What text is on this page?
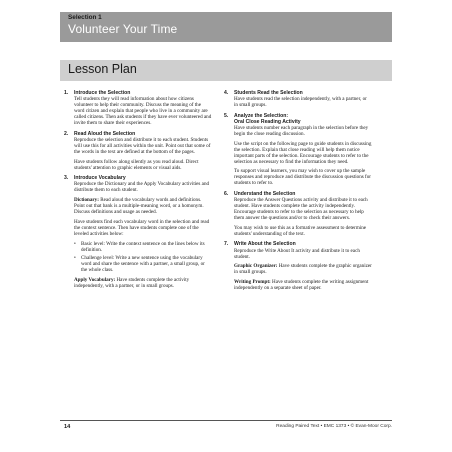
Selection 1
Volunteer Your Time
Lesson Plan
1.	Introduce the Selection

Tell students they will read information about how citizens volunteer to help their community. Discuss the meaning of the word citizen and explain that people who live in a community are called citizens. Then ask students if they have ever volunteered and invite them to share their experiences.

2.	Read Aloud the Selection

Reproduce the selection and distribute it to each student. Students will use this for all activities within the unit. Point out that some of the words in the text are defined at the bottom of the pages.

Have students follow along silently as you read aloud. Direct students' attention to graphic elements or visual aids.

3.	Introduce Vocabulary

Reproduce the Dictionary and the Apply Vocabulary activities and distribute them to each student.

Dictionary: Read aloud the vocabulary words and definitions. Point out that bank is a multiple-meaning word, or a homonym. Discuss definitions and usage as needed.

Have students find each vocabulary word in the selection and read the context sentence. Then have students complete one of the leveled activities below:

• Basic level: Write the context sentence on the lines below its definition.
• Challenge level: Write a new sentence using the vocabulary word and share the sentence with a partner, a small group, or the whole class.

Apply Vocabulary: Have students complete the activity independently, with a partner, or in small groups.

4.	Students Read the Selection

Have students read the selection independently, with a partner, or in small groups.

5.	Analyze the Selection:
Oral Close Reading Activity

Have students number each paragraph in the selection before they begin the close reading discussion.

Use the script on the following page to guide students in discussing the selection. Explain that close reading will help them notice important parts of the selection. Encourage students to refer to the selection as necessary to find the information they need.

To support visual learners, you may wish to cover up the sample responses and reproduce and distribute the discussion questions for students to refer to.

6.	Understand the Selection

Reproduce the Answer Questions activity and distribute it to each student. Have students complete the activity independently. Encourage students to refer to the selection as necessary to help them answer the questions and/or to check their answers.

You may wish to use this as a formative assessment to determine students' understanding of the text.

7.	Write About the Selection

Reproduce the Write About It activity and distribute it to each student.

Graphic Organizer: Have students complete the graphic organizer in small groups.

Writing Prompt: Have students complete the writing assignment independently on a separate sheet of paper.

14	Reading Paired Text • EMC 1373 • © Evan-Moor Corp.
